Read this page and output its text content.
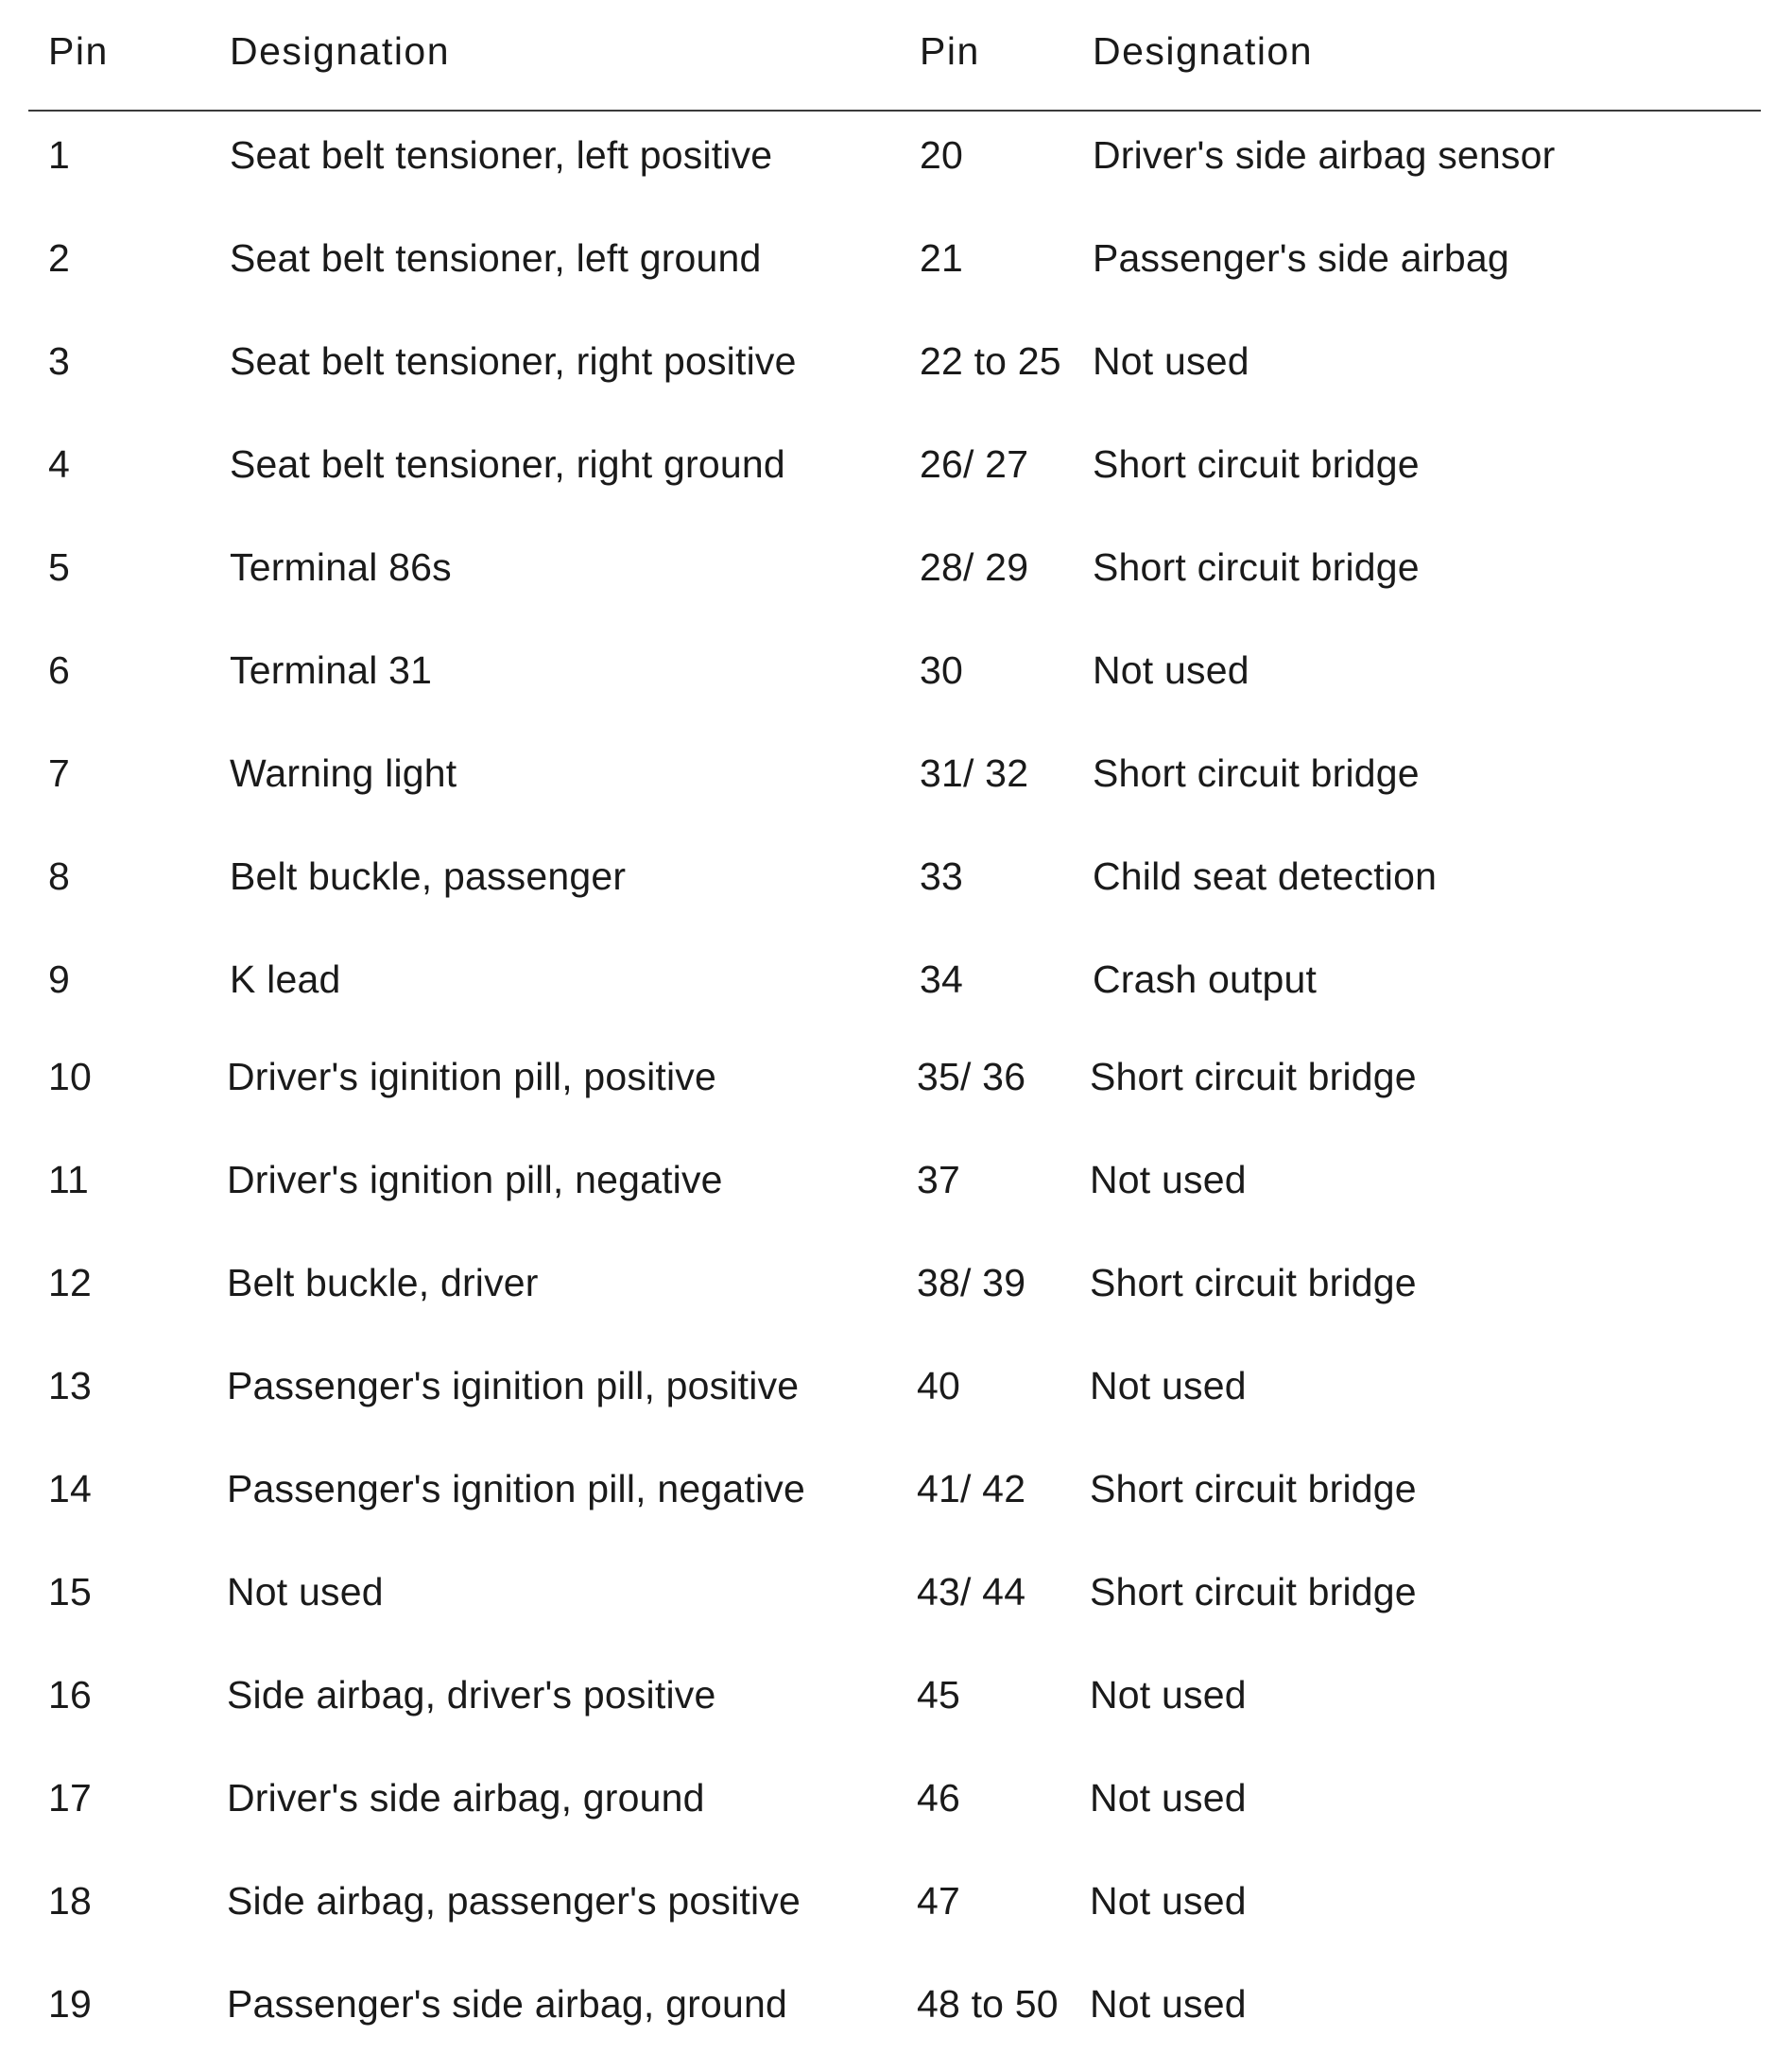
Pin	Designation	Pin	Designation
1	Seat belt tensioner, left positive	20	Driver's side airbag sensor
2	Seat belt tensioner, left ground	21	Passenger's side airbag
3	Seat belt tensioner, right positive	22 to 25 Not used
4	Seat belt tensioner, right ground	26/ 27 Short circuit bridge
5	Terminal 86s	28/ 29 Short circuit bridge
6	Terminal 31	30	Not used
7	Warning light	31/ 32 Short circuit bridge
8	Belt buckle, passenger	33	Child seat detection
9	K lead	34	Crash output
10	Driver's iginition pill, positive	35/ 36 Short circuit bridge
11	Driver's ignition pill, negative	37	Not used
12	Belt buckle, driver	38/ 39 Short circuit bridge
13	Passenger's iginition pill, positive	40	Not used
14	Passenger's ignition pill, negative	41/ 42 Short circuit bridge
15	Not used	43/ 44 Short circuit bridge
16	Side airbag, driver's positive	45	Not used
17	Driver's side airbag, ground	46	Not used
18	Side airbag, passenger's positive	47	Not used
19	Passenger's side airbag, ground	48 to 50 Not used
